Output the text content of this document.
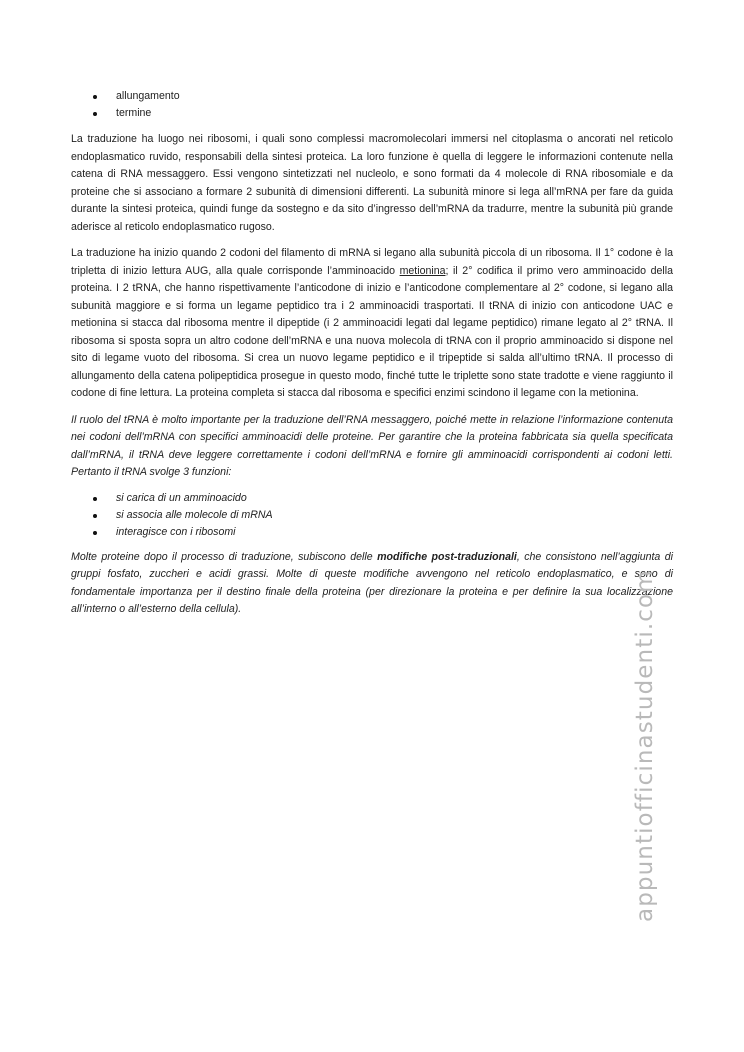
allungamento
termine

La traduzione ha luogo nei ribosomi, i quali sono complessi macromolecolari immersi nel citoplasma o ancorati nel reticolo endoplasmatico ruvido, responsabili della sintesi proteica. La loro funzione è quella di leggere le informazioni contenute nella catena di RNA messaggero. Essi vengono sintetizzati nel nucleolo, e sono formati da 4 molecole di RNA ribosomiale e da proteine che si associano a formare 2 subunità di dimensioni differenti. La subunità minore si lega all’mRNA per fare da guida durante la sintesi proteica, quindi funge da sostegno e da sito d’ingresso dell’mRNA da tradurre, mentre la subunità più grande aderisce al reticolo endoplasmatico rugoso.

La traduzione ha inizio quando 2 codoni del filamento di mRNA si legano alla subunità piccola di un ribosoma. Il 1° codone è la tripletta di inizio lettura AUG, alla quale corrisponde l’amminoacido metionina; il 2° codifica il primo vero amminoacido della proteina. I 2 tRNA, che hanno rispettivamente l’anticodone di inizio e l’anticodone complementare al 2° codone, si legano alla subunità maggiore e si forma un legame peptidico tra i 2 amminoacidi trasportati. Il tRNA di inizio con anticodone UAC e metionina si stacca dal ribosoma mentre il dipeptide (i 2 amminoacidi legati dal legame peptidico) rimane legato al 2° tRNA. Il ribosoma si sposta sopra un altro codone dell’mRNA e una nuova molecola di tRNA con il proprio amminoacido si dispone nel sito di legame vuoto del ribosoma. Si crea un nuovo legame peptidico e il tripeptide si salda all’ultimo tRNA. Il processo di allungamento della catena polipeptidica prosegue in questo modo, finché tutte le triplette sono state tradotte e viene raggiunto il codone di fine lettura. La proteina completa si stacca dal ribosoma e specifici enzimi scindono il legame con la metionina.

Il ruolo del tRNA è molto importante per la traduzione dell’RNA messaggero, poiché mette in relazione l’informazione contenuta nei codoni dell’mRNA con specifici amminoacidi delle proteine. Per garantire che la proteina fabbricata sia quella specificata dall’mRNA, il tRNA deve leggere correttamente i codoni dell’mRNA e fornire gli amminoacidi corrispondenti ai codoni letti. Pertanto il tRNA svolge 3 funzioni:

si carica di un amminoacido
si associa alle molecole di mRNA
interagisce con i ribosomi

Molte proteine dopo il processo di traduzione, subiscono delle modifiche post-traduzionali, che consistono nell’aggiunta di gruppi fosfato, zuccheri e acidi grassi. Molte di queste modifiche avvengono nel reticolo endoplasmatico, e sono di fondamentale importanza per il destino finale della proteina (per direzionare la proteina e per definire la sua localizzazione all’interno o all’esterno della cellula).	appuntiofficinastudenti.com
